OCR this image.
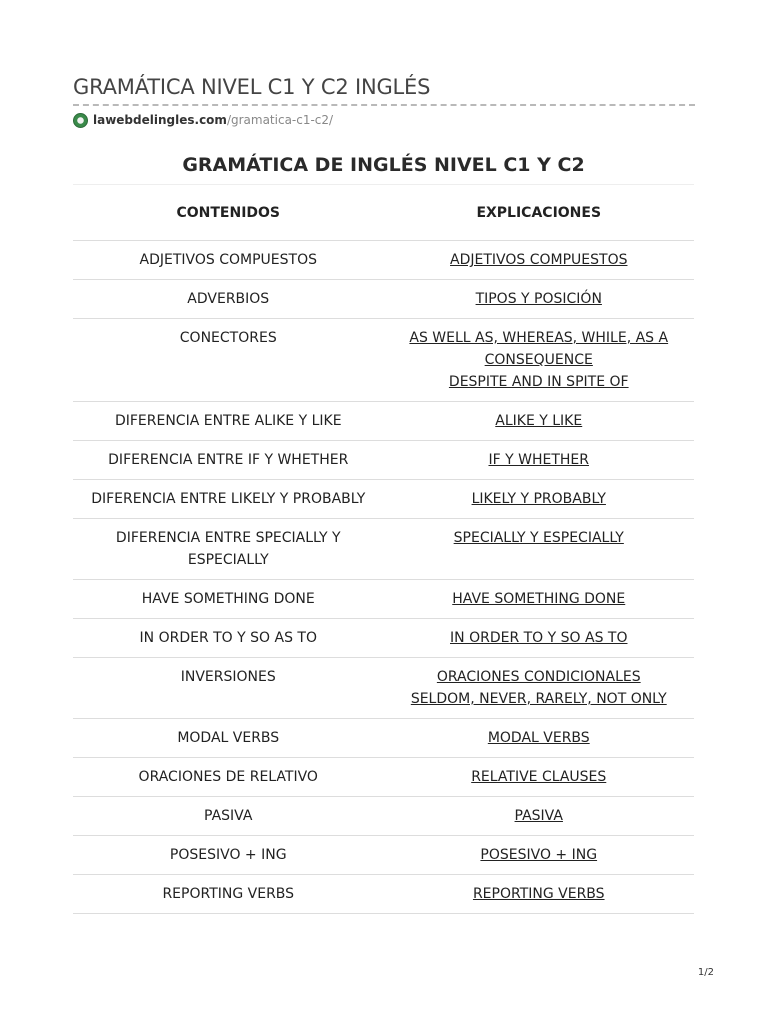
GRAMÁTICA NIVEL C1 Y C2 INGLÉS
lawebdelingles.com /gramatica-c1-c2/
GRAMÁTICA DE INGLÉS NIVEL C1 Y C2
CONTENIDOS	EXPLICACIONES
ADJETIVOS COMPUESTOS	ADJETIVOS COMPUESTOS

ADVERBIOS	TIPOS Y POSICIÓN

CONECTORES	AS WELL AS, WHEREAS, WHILE, AS A CONSEQUENCE
DESPITE AND IN SPITE OF

DIFERENCIA ENTRE ALIKE Y LIKE	ALIKE Y LIKE

DIFERENCIA ENTRE IF Y WHETHER	IF Y WHETHER

DIFERENCIA ENTRE LIKELY Y PROBABLY	LIKELY Y PROBABLY

DIFERENCIA ENTRE SPECIALLY Y ESPECIALLY	SPECIALLY Y ESPECIALLY

HAVE SOMETHING DONE	HAVE SOMETHING DONE

IN ORDER TO Y SO AS TO	IN ORDER TO Y SO AS TO

INVERSIONES	ORACIONES CONDICIONALES
SELDOM, NEVER, RARELY, NOT ONLY

MODAL VERBS	MODAL VERBS

ORACIONES DE RELATIVO	RELATIVE CLAUSES

PASIVA	PASIVA

POSESIVO + ING	POSESIVO + ING

REPORTING VERBS	REPORTING VERBS
1/2
